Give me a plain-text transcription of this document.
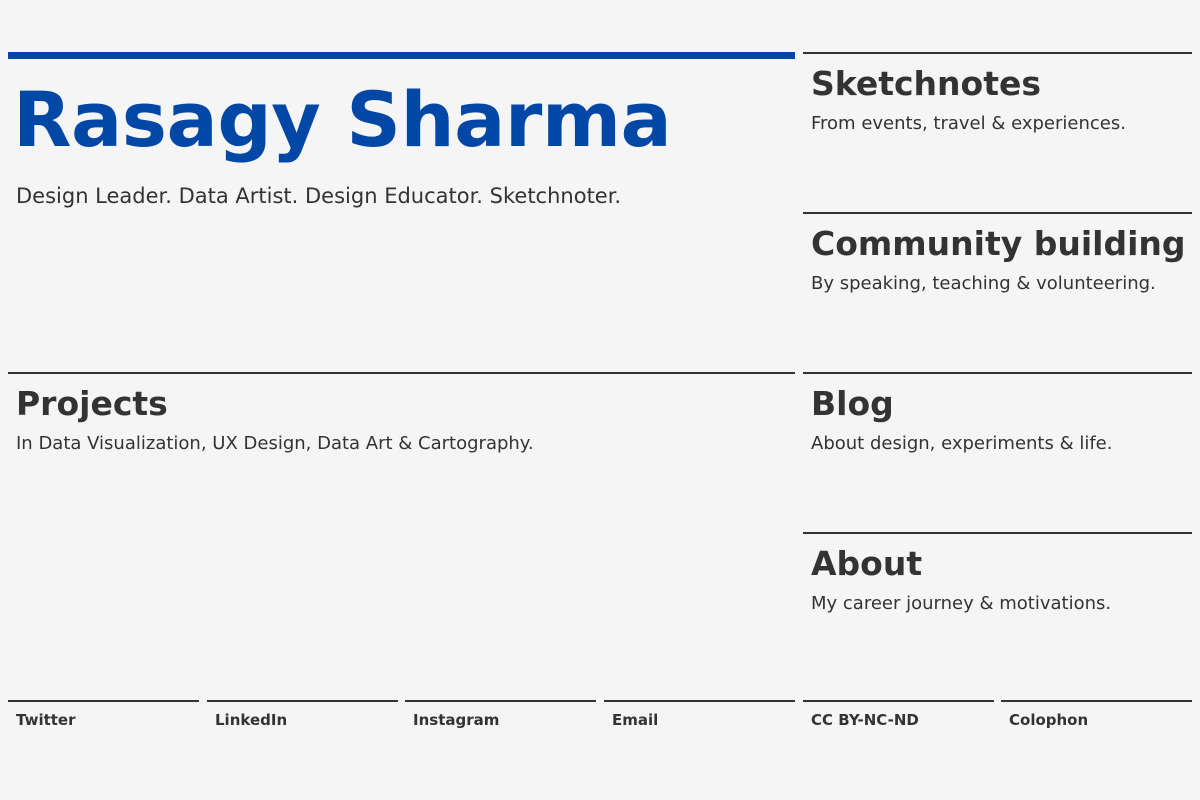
Rasagy Sharma

Design Leader. Data Artist. Design Educator. Sketchnoter.

Sketchnotes

From events, travel & experiences.

Community building

By speaking, teaching & volunteering.

Blog

About design, experiments & life.

About

My career journey & motivations.

Projects

In Data Visualization, UX Design, Data Art & Cartography.

Twitter	LinkedIn	Instagram	Email	CC BY-NC-ND	Colophon
